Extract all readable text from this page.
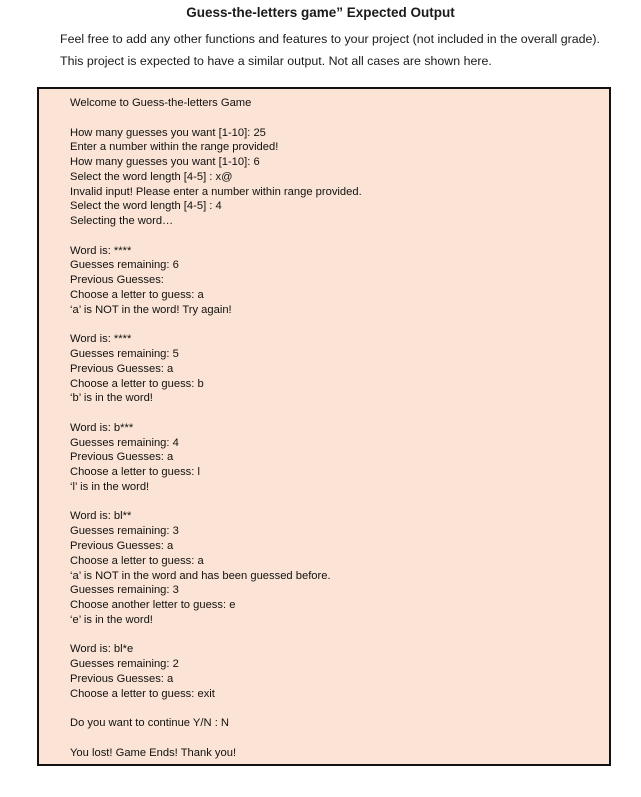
Guess-the-letters game” Expected Output
Feel free to add any other functions and features to your project (not included in the overall grade).
This project is expected to have a similar output. Not all cases are shown here.
Welcome to Guess-the-letters Game
How many guesses you want [1-10]: 25
Enter a number within the range provided!
How many guesses you want [1-10]: 6
Select the word length [4-5] : x@
Invalid input! Please enter a number within range provided.
Select the word length [4-5] : 4
Selecting the word…
Word is: ****
Guesses remaining: 6
Previous Guesses:
Choose a letter to guess: a
‘a’ is NOT in the word! Try again!
Word is: ****
Guesses remaining: 5
Previous Guesses: a
Choose a letter to guess: b
‘b’ is in the word!
Word is: b***
Guesses remaining: 4
Previous Guesses: a
Choose a letter to guess: l
‘l’ is in the word!
Word is: bl**
Guesses remaining: 3
Previous Guesses: a
Choose a letter to guess: a
‘a’ is NOT in the word and has been guessed before.
Guesses remaining: 3
Choose another letter to guess: e
‘e’ is in the word!
Word is: bl*e
Guesses remaining: 2
Previous Guesses: a
Choose a letter to guess: exit
Do you want to continue Y/N : N
You lost! Game Ends! Thank you!
